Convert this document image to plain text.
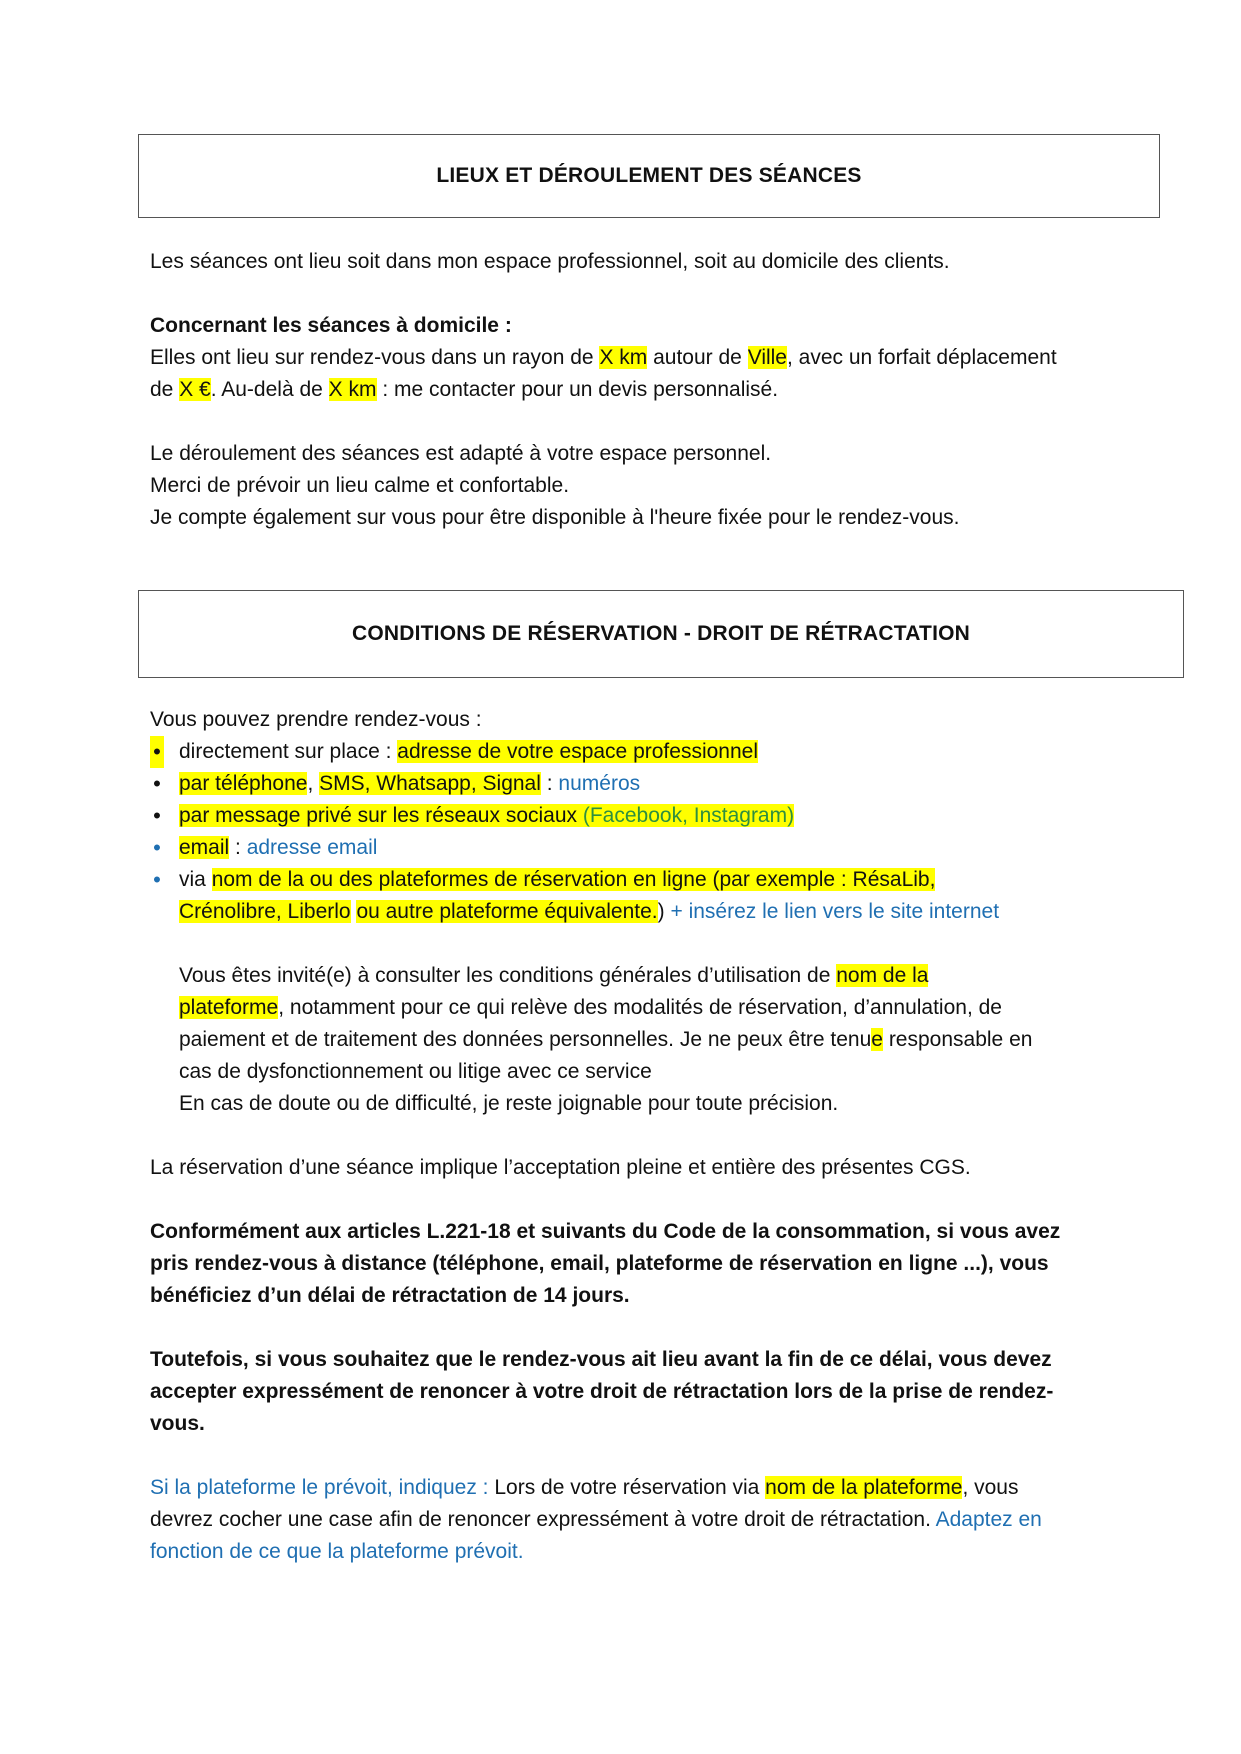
LIEUX ET DÉROULEMENT DES SÉANCES

Les séances ont lieu soit dans mon espace professionnel, soit au domicile des clients.

Concernant les séances à domicile :

Elles ont lieu sur rendez-vous dans un rayon de X km autour de Ville, avec un forfait déplacement

de X €. Au-delà de X km : me contacter pour un devis personnalisé.

Le déroulement des séances est adapté à votre espace personnel.

Merci de prévoir un lieu calme et confortable.

Je compte également sur vous pour être disponible à l'heure fixée pour le rendez-vous.

CONDITIONS DE RÉSERVATION - DROIT DE RÉTRACTATION

Vous pouvez prendre rendez-vous :

• directement sur place : adresse de votre espace professionnel
• par téléphone, SMS, Whatsapp, Signal : numéros
• par message privé sur les réseaux sociaux (Facebook, Instagram)
• email : adresse email
• via nom de la ou des plateformes de réservation en ligne (par exemple : RésaLib,
Crénolibre, Liberlo ou autre plateforme équivalente.) + insérez le lien vers le site internet

Vous êtes invité(e) à consulter les conditions générales d’utilisation de nom de la

plateforme, notamment pour ce qui relève des modalités de réservation, d’annulation, de

paiement et de traitement des données personnelles. Je ne peux être tenue responsable en

cas de dysfonctionnement ou litige avec ce service

En cas de doute ou de difficulté, je reste joignable pour toute précision.

La réservation d’une séance implique l’acceptation pleine et entière des présentes CGS.

Conformément aux articles L.221-18 et suivants du Code de la consommation, si vous avez

pris rendez-vous à distance (téléphone, email, plateforme de réservation en ligne ...), vous

bénéficiez d’un délai de rétractation de 14 jours.

Toutefois, si vous souhaitez que le rendez-vous ait lieu avant la fin de ce délai, vous devez

accepter expressément de renoncer à votre droit de rétractation lors de la prise de rendez-

vous.

Si la plateforme le prévoit, indiquez : Lors de votre réservation via nom de la plateforme, vous

devrez cocher une case afin de renoncer expressément à votre droit de rétractation. Adaptez en

fonction de ce que la plateforme prévoit.
